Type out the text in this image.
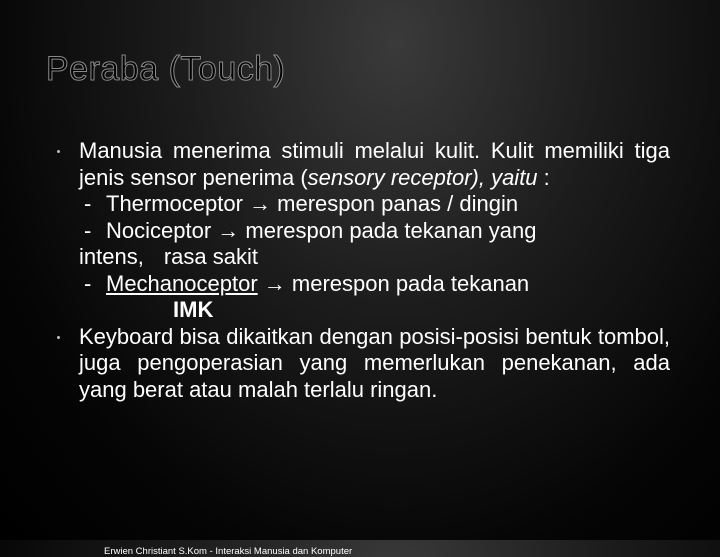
Peraba (Touch)
Manusia menerima stimuli melalui kulit. Kulit memiliki tiga jenis sensor penerima (sensory receptor), yaitu :
- Thermoceptor → merespon panas / dingin
- Nociceptor → merespon pada tekanan yang
intens, rasa sakit
- Mechanoceptor → merespon pada tekanan
IMK
Keyboard bisa dikaitkan dengan posisi-posisi bentuk tombol, juga pengoperasian yang memerlukan penekanan, ada yang berat atau malah terlalu ringan.
Erwien Christiant S.Kom - Interaksi Manusia dan Komputer
